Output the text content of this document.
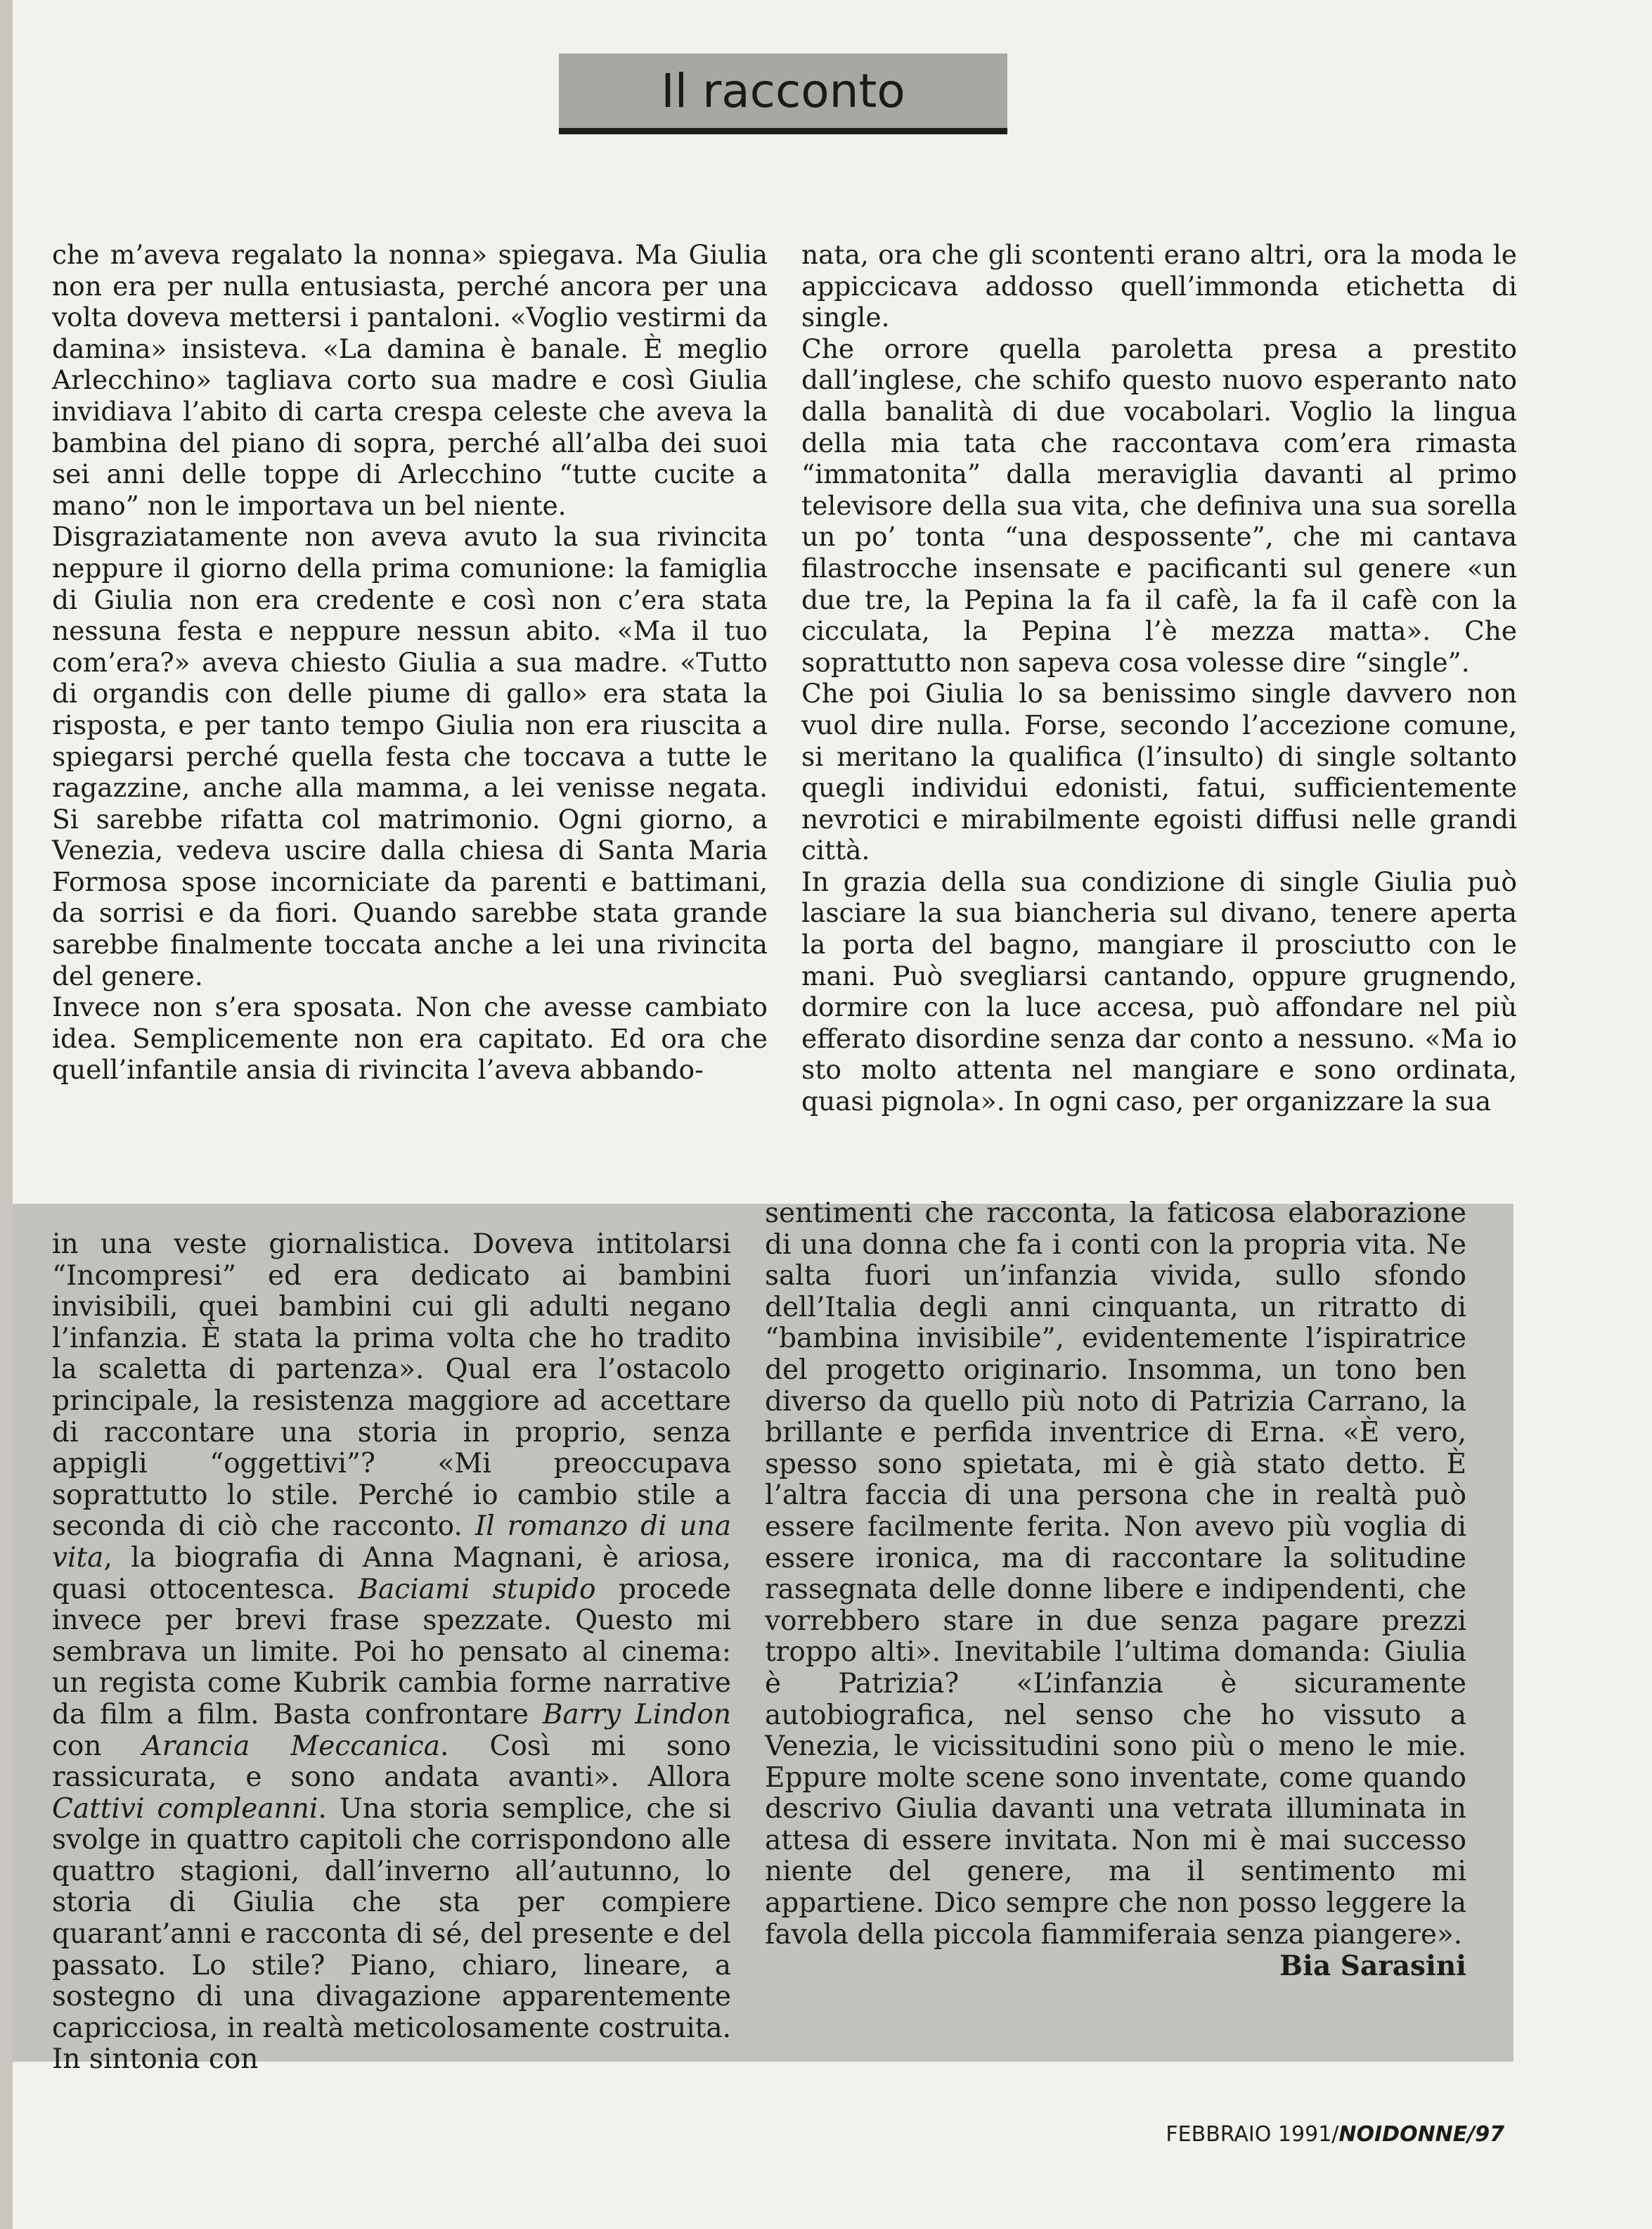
Il racconto

che m’aveva regalato la nonna» spiegava. Ma Giulia non era per nulla entusiasta, perché ancora per una volta doveva mettersi i pantaloni. «Voglio vestirmi da damina» insisteva. «La damina è banale. È meglio Arlecchino» tagliava corto sua madre e così Giulia invidiava l’abito di carta crespa celeste che aveva la bambina del piano di sopra, perché all’alba dei suoi sei anni delle toppe di Arlecchino “tutte cucite a mano” non le importava un bel niente.

Disgraziatamente non aveva avuto la sua rivincita neppure il giorno della prima comunione: la famiglia di Giulia non era credente e così non c’era stata nessuna festa e neppure nessun abito. «Ma il tuo com’era?» aveva chiesto Giulia a sua madre. «Tutto di organdis con delle piume di gallo» era stata la risposta, e per tanto tempo Giulia non era riuscita a spiegarsi perché quella festa che toccava a tutte le ragazzine, anche alla mamma, a lei venisse negata. Si sarebbe rifatta col matrimonio. Ogni giorno, a Venezia, vedeva uscire dalla chiesa di Santa Maria Formosa spose incorniciate da parenti e battimani, da sorrisi e da fiori. Quando sarebbe stata grande sarebbe finalmente toccata anche a lei una rivincita del genere.

Invece non s’era sposata. Non che avesse cambiato idea. Semplicemente non era capitato. Ed ora che quell’infantile ansia di rivincita l’aveva abbando-

nata, ora che gli scontenti erano altri, ora la moda le appiccicava addosso quell’immonda etichetta di single.

Che orrore quella paroletta presa a prestito dall’inglese, che schifo questo nuovo esperanto nato dalla banalità di due vocabolari. Voglio la lingua della mia tata che raccontava com’era rimasta “immatonita” dalla meraviglia davanti al primo televisore della sua vita, che definiva una sua sorella un po’ tonta “una despossente”, che mi cantava filastrocche insensate e pacificanti sul genere «un due tre, la Pepina la fa il cafè, la fa il cafè con la cicculata, la Pepina l’è mezza matta». Che soprattutto non sapeva cosa volesse dire “single”.

Che poi Giulia lo sa benissimo single davvero non vuol dire nulla. Forse, secondo l’accezione comune, si meritano la qualifica (l’insulto) di single soltanto quegli individui edonisti, fatui, sufficientemente nevrotici e mirabilmente egoisti diffusi nelle grandi città.

In grazia della sua condizione di single Giulia può lasciare la sua biancheria sul divano, tenere aperta la porta del bagno, mangiare il prosciutto con le mani. Può svegliarsi cantando, oppure grugnendo, dormire con la luce accesa, può affondare nel più efferato disordine senza dar conto a nessuno. «Ma io sto molto attenta nel mangiare e sono ordinata, quasi pignola». In ogni caso, per organizzare la sua

in una veste giornalistica. Doveva intitolarsi “Incompresi” ed era dedicato ai bambini invisibili, quei bambini cui gli adulti negano l’infanzia. È stata la prima volta che ho tradito la scaletta di partenza». Qual era l’ostacolo principale, la resistenza maggiore ad accettare di raccontare una storia in proprio, senza appigli “oggettivi”? «Mi preoccupava soprattutto lo stile. Perché io cambio stile a seconda di ciò che racconto. Il romanzo di una vita, la biografia di Anna Magnani, è ariosa, quasi ottocentesca. Baciami stupido procede invece per brevi frase spezzate. Questo mi sembrava un limite. Poi ho pensato al cinema: un regista come Kubrik cambia forme narrative da film a film. Basta confrontare Barry Lindon con Arancia Meccanica. Così mi sono rassicurata, e sono andata avanti». Allora Cattivi compleanni. Una storia semplice, che si svolge in quattro capitoli che corrispondono alle quattro stagioni, dall’inverno all’autunno, lo storia di Giulia che sta per compiere quarant’anni e racconta di sé, del presente e del passato. Lo stile? Piano, chiaro, lineare, a sostegno di una divagazione apparentemente capricciosa, in realtà meticolosamente costruita. In sintonia con

sentimenti che racconta, la faticosa elaborazione di una donna che fa i conti con la propria vita. Ne salta fuori un’infanzia vivida, sullo sfondo dell’Italia degli anni cinquanta, un ritratto di “bambina invisibile”, evidentemente l’ispiratrice del progetto originario. Insomma, un tono ben diverso da quello più noto di Patrizia Carrano, la brillante e perfida inventrice di Erna. «È vero, spesso sono spietata, mi è già stato detto. È l’altra faccia di una persona che in realtà può essere facilmente ferita. Non avevo più voglia di essere ironica, ma di raccontare la solitudine rassegnata delle donne libere e indipendenti, che vorrebbero stare in due senza pagare prezzi troppo alti». Inevitabile l’ultima domanda: Giulia è Patrizia? «L’infanzia è sicuramente autobiografica, nel senso che ho vissuto a Venezia, le vicissitudini sono più o meno le mie. Eppure molte scene sono inventate, come quando descrivo Giulia davanti una vetrata illuminata in attesa di essere invitata. Non mi è mai successo niente del genere, ma il sentimento mi appartiene. Dico sempre che non posso leggere la favola della piccola fiammiferaia senza piangere».

Bia Sarasini
FEBBRAIO 1991/NOIDONNE/97
